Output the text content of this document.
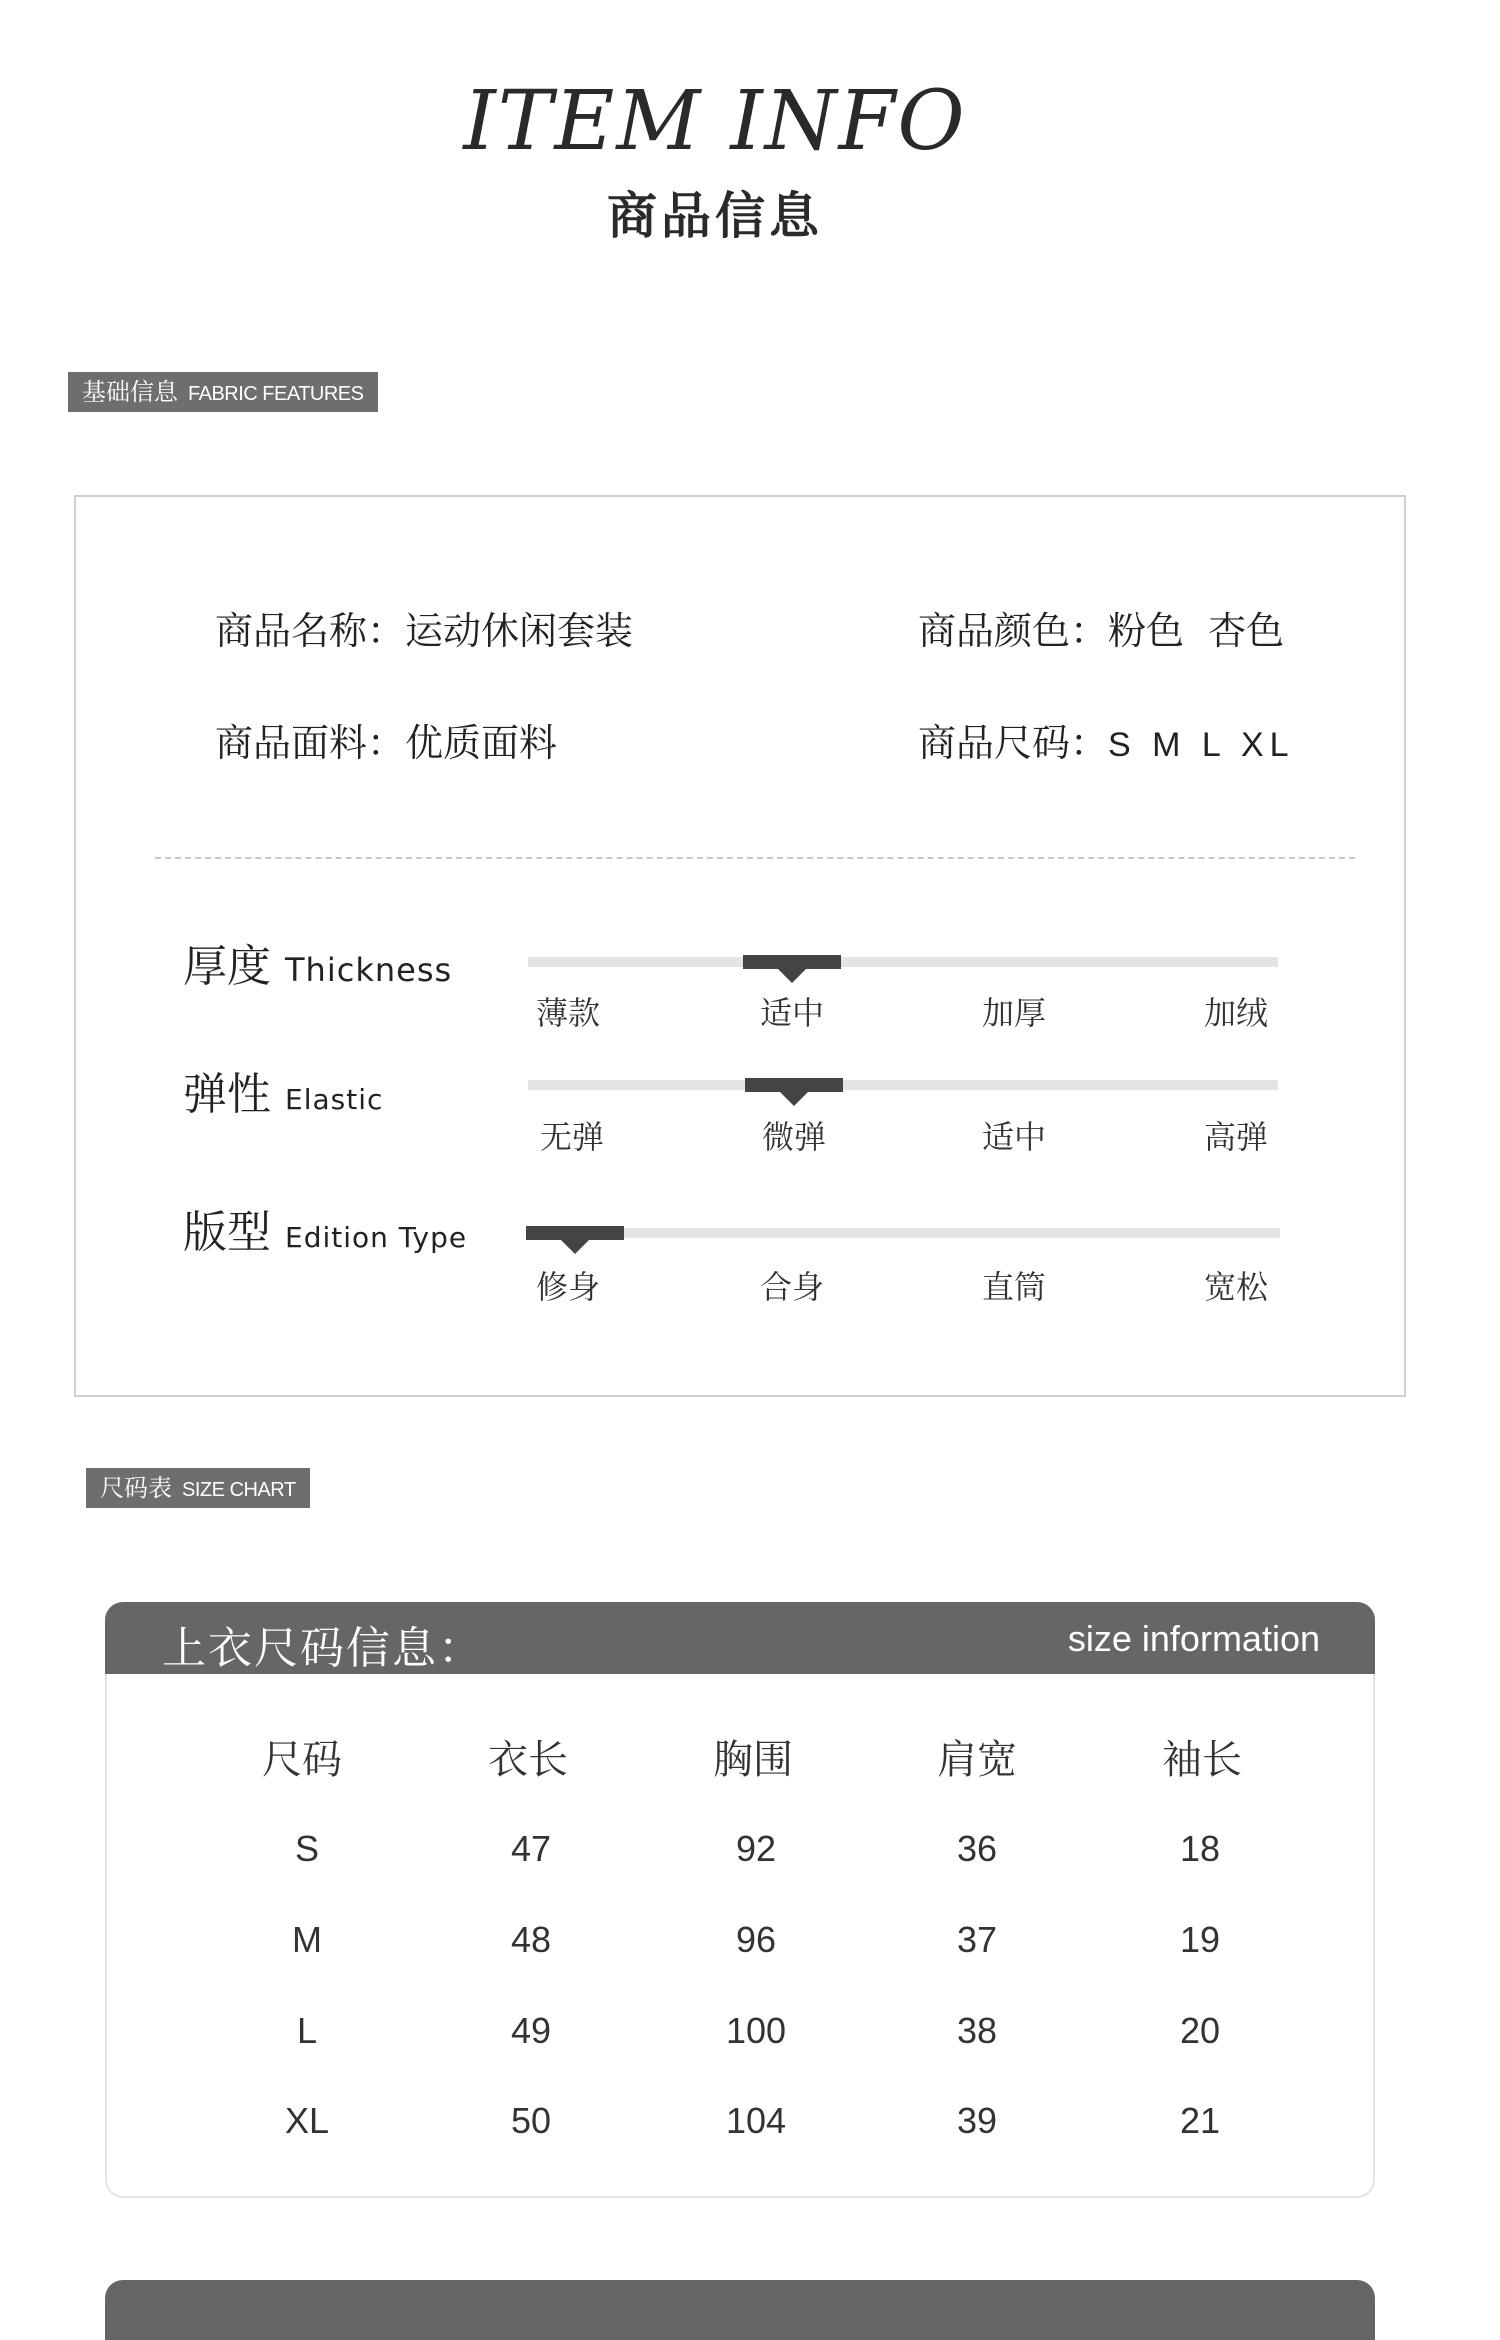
ITEM INFO
商品信息
基础信息 FABRIC FEATURES
商品名称：运动休闲套装	商品颜色：粉色  杏色
商品面料：优质面料	商品尺码：S M L XL
厚度 Thickness
薄款	适中	加厚	加绒
弹性 Elastic
无弹	微弹	适中	高弹
版型 Edition Type
修身	合身	直筒	宽松
尺码表 SIZE CHART
上衣尺码信息：	size information
尺码	衣长	胸围	肩宽	袖长
S	47	92	36	18
M	48	96	37	19
L	49	100	38	20
XL	50	104	39	21
